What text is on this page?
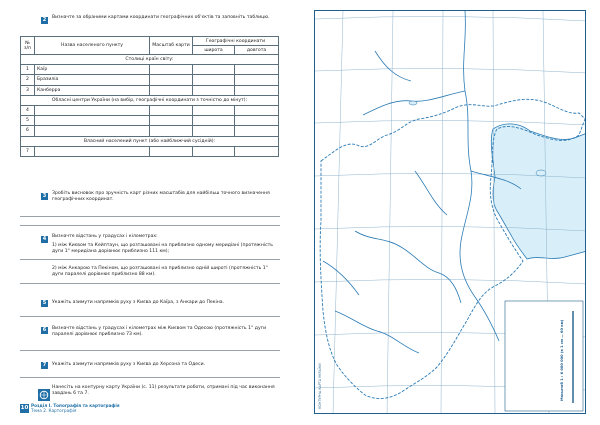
2	Визначте за обраними картами координати географічних об'єктів та заповніть таблицю.
№ з/п	Назва населеного пункту	Масштаб карти	Географічні координати	
			широта	довгота
Столиці країн світу:				
1	Каїр			
2	Бразиліа			
3	Канберра			
Обласні центри України (на вибір, географічні координати з точністю до мінут):				
4				
5				
6				
Власний населений пункт (або найближчий сусідній):				
7				
3	Зробіть висновок про зручність карт різних масштабів для найбільш точного визначення географічних координат.
4	Визначте відстань у градусах і кілометрах:
1) між Києвом та Кейптаун, що розташовані на приблизно одному меридіані (протяжність дуги 1° меридіана дорівнює приблизно 111 км);
2) між Анкарою та Пекіном, що розташовані на приблизно одній широті (протяжність 1° дуги паралелі дорівнює приблизно 88 км).
5	Укажіть азимути напрямків руху з Києва до Каїра, з Анкари до Пекіна.
6	Визначте відстань у градусах і кілометрах між Києвом та Одесою (протяжність 1° дуги паралелі дорівнює приблизно 73 км).
7	Укажіть азимути напрямків руху з Києва до Херсона та Одеси.
Нанесіть на контурну карту України (с. 11) результати роботи, отримані під час виконання завдань 6 та 7.
10 Розділ І. Топографія та картографія
Тема 2. Картографія
Масштаб 1 : 6 000 000 (в 1 см — 60 км)
КОНТУРНА КАРТА УКРАЇНИ
